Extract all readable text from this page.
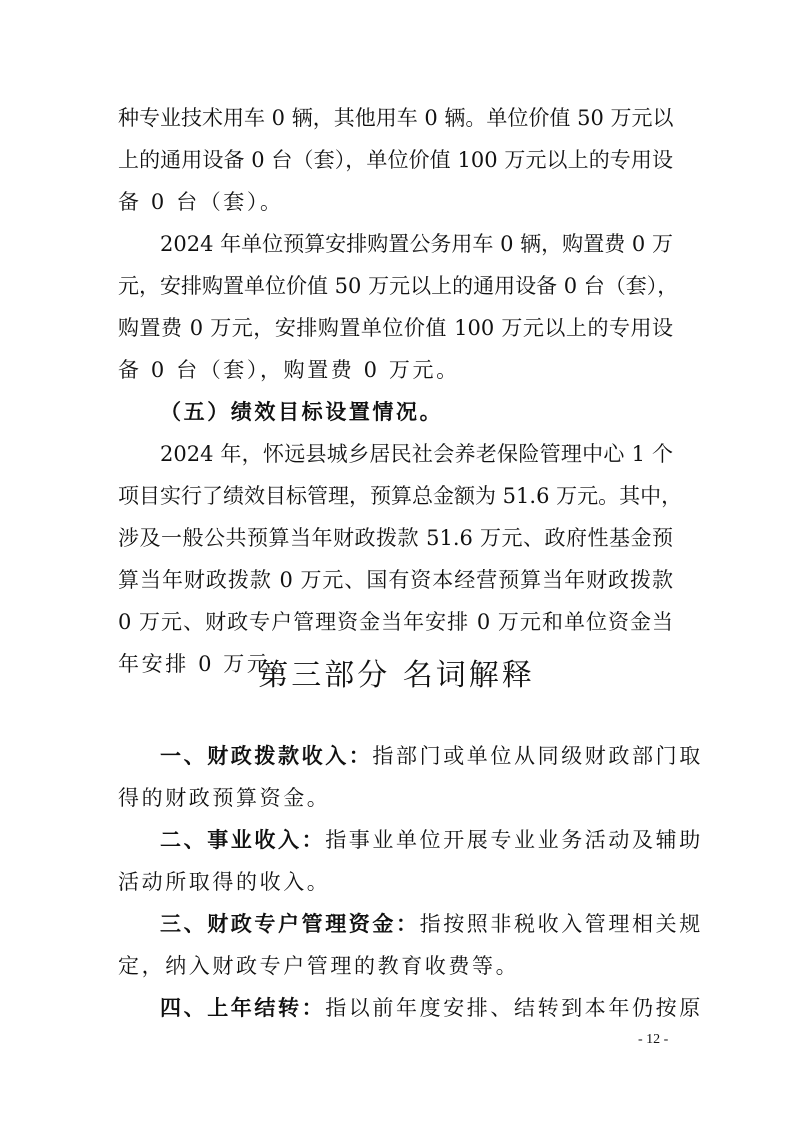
种专业技术用车 0 辆，其他用车 0 辆。单位价值 50 万元以
上的通用设备 0 台（套），单位价值 100 万元以上的专用设
备 0 台（套）。
2024 年单位预算安排购置公务用车 0 辆，购置费 0 万
元，安排购置单位价值 50 万元以上的通用设备 0 台（套），
购置费 0 万元，安排购置单位价值 100 万元以上的专用设
备 0 台（套），购置费 0 万元。
（五）绩效目标设置情况。
2024 年，怀远县城乡居民社会养老保险管理中心 1 个
项目实行了绩效目标管理，预算总金额为 51.6 万元。其中，
涉及一般公共预算当年财政拨款 51.6 万元、政府性基金预
算当年财政拨款 0 万元、国有资本经营预算当年财政拨款
0 万元、财政专户管理资金当年安排 0 万元和单位资金当
年安排 0 万元。
第三部分 名词解释
一、财政拨款收入：指部门或单位从同级财政部门取
得的财政预算资金。
二、事业收入：指事业单位开展专业业务活动及辅助
活动所取得的收入。
三、财政专户管理资金：指按照非税收入管理相关规
定，纳入财政专户管理的教育收费等。
四、上年结转：指以前年度安排、结转到本年仍按原
- 12 -
